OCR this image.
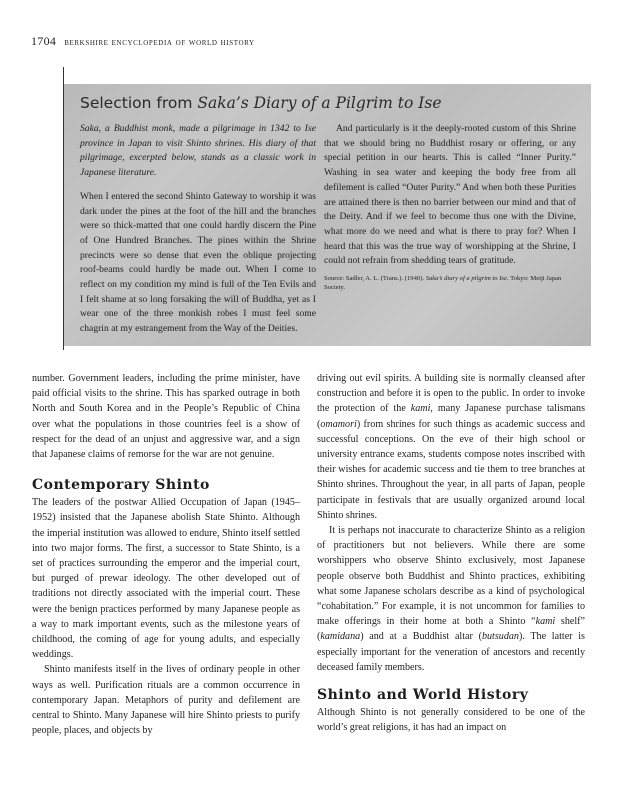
1704 berkshire encyclopedia of world history
Selection from Saka’s Diary of a Pilgrim to Ise

Saka, a Buddhist monk, made a pilgrimage in 1342 to Ise province in Japan to visit Shinto shrines. His diary of that pilgrimage, excerpted below, stands as a classic work in Japanese literature.

When I entered the second Shinto Gateway to worship it was dark under the pines at the foot of the hill and the branches were so thick-matted that one could hardly discern the Pine of One Hundred Branches. The pines within the Shrine precincts were so dense that even the oblique projecting roof-beams could hardly be made out. When I come to reflect on my condition my mind is full of the Ten Evils and I felt shame at so long forsaking the will of Buddha, yet as I wear one of the three monkish robes I must feel some chagrin at my estrangement from the Way of the Deities.

And particularly is it the deeply-rooted custom of this Shrine that we should bring no Buddhist rosary or offering, or any special petition in our hearts. This is called “Inner Purity.” Washing in sea water and keeping the body free from all defilement is called “Outer Purity.” And when both these Purities are attained there is then no barrier between our mind and that of the Deity. And if we feel to become thus one with the Divine, what more do we need and what is there to pray for? When I heard that this was the true way of worshipping at the Shrine, I could not refrain from shedding tears of gratitude.

Source: Sadler, A. L. (Trans.). (1940). Saka’s diary of a pilgrim to Ise. Tokyo: Meiji Japan Society.

number. Government leaders, including the prime minister, have paid official visits to the shrine. This has sparked outrage in both North and South Korea and in the People’s Republic of China over what the populations in those countries feel is a show of respect for the dead of an unjust and aggressive war, and a sign that Japanese claims of remorse for the war are not genuine.

Contemporary Shinto

The leaders of the postwar Allied Occupation of Japan (1945–1952) insisted that the Japanese abolish State Shinto. Although the imperial institution was allowed to endure, Shinto itself settled into two major forms. The first, a successor to State Shinto, is a set of practices surrounding the emperor and the imperial court, but purged of prewar ideology. The other developed out of traditions not directly associated with the imperial court. These were the benign practices performed by many Japanese people as a way to mark important events, such as the milestone years of childhood, the coming of age for young adults, and especially weddings.

Shinto manifests itself in the lives of ordinary people in other ways as well. Purification rituals are a common occurrence in contemporary Japan. Metaphors of purity and defilement are central to Shinto. Many Japanese will hire Shinto priests to purify people, places, and objects by

driving out evil spirits. A building site is normally cleansed after construction and before it is open to the public. In order to invoke the protection of the kami, many Japanese purchase talismans (omamori) from shrines for such things as academic success and successful conceptions. On the eve of their high school or university entrance exams, students compose notes inscribed with their wishes for academic success and tie them to tree branches at Shinto shrines. Throughout the year, in all parts of Japan, people participate in festivals that are usually organized around local Shinto shrines.

It is perhaps not inaccurate to characterize Shinto as a religion of practitioners but not believers. While there are some worshippers who observe Shinto exclusively, most Japanese people observe both Buddhist and Shinto practices, exhibiting what some Japanese scholars describe as a kind of psychological “cohabitation.” For example, it is not uncommon for families to make offerings in their home at both a Shinto “kami shelf” (kamidana) and at a Buddhist altar (butsudan). The latter is especially important for the veneration of ancestors and recently deceased family members.

Shinto and World History

Although Shinto is not generally considered to be one of the world’s great religions, it has had an impact on
